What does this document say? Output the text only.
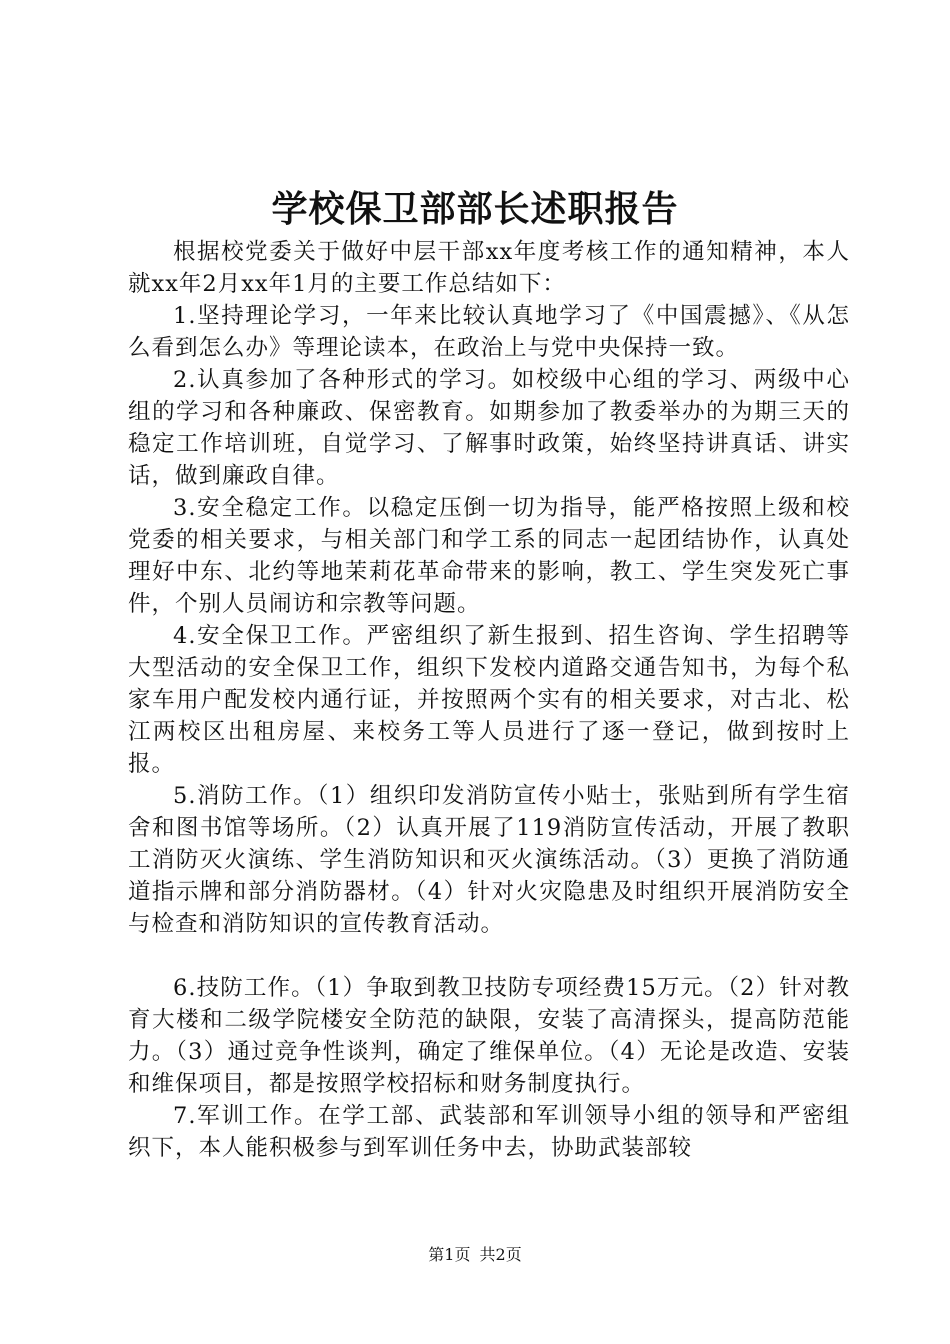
学校保卫部部长述职报告

根据校党委关于做好中层干部xx年度考核工作的通知精神，本人就xx年2月xx年1月的主要工作总结如下：

1.坚持理论学习，一年来比较认真地学习了《中国震撼》、《从怎么看到怎么办》等理论读本，在政治上与党中央保持一致。

2.认真参加了各种形式的学习。如校级中心组的学习、两级中心组的学习和各种廉政、保密教育。如期参加了教委举办的为期三天的稳定工作培训班，自觉学习、了解事时政策，始终坚持讲真话、讲实话，做到廉政自律。

3.安全稳定工作。以稳定压倒一切为指导，能严格按照上级和校党委的相关要求，与相关部门和学工系的同志一起团结协作，认真处理好中东、北约等地茉莉花革命带来的影响，教工、学生突发死亡事件，个别人员闹访和宗教等问题。

4.安全保卫工作。严密组织了新生报到、招生咨询、学生招聘等大型活动的安全保卫工作，组织下发校内道路交通告知书，为每个私家车用户配发校内通行证，并按照两个实有的相关要求，对古北、松江两校区出租房屋、来校务工等人员进行了逐一登记，做到按时上报。

5.消防工作。（1）组织印发消防宣传小贴士，张贴到所有学生宿舍和图书馆等场所。（2）认真开展了119消防宣传活动，开展了教职工消防灭火演练、学生消防知识和灭火演练活动。（3）更换了消防通道指示牌和部分消防器材。（4）针对火灾隐患及时组织开展消防安全与检查和消防知识的宣传教育活动。

6.技防工作。（1）争取到教卫技防专项经费15万元。（2）针对教育大楼和二级学院楼安全防范的缺限，安装了高清探头，提高防范能力。（3）通过竞争性谈判，确定了维保单位。（4）无论是改造、安装和维保项目，都是按照学校招标和财务制度执行。

7.军训工作。在学工部、武装部和军训领导小组的领导和严密组织下，本人能积极参与到军训任务中去，协助武装部较

第1页 共2页
